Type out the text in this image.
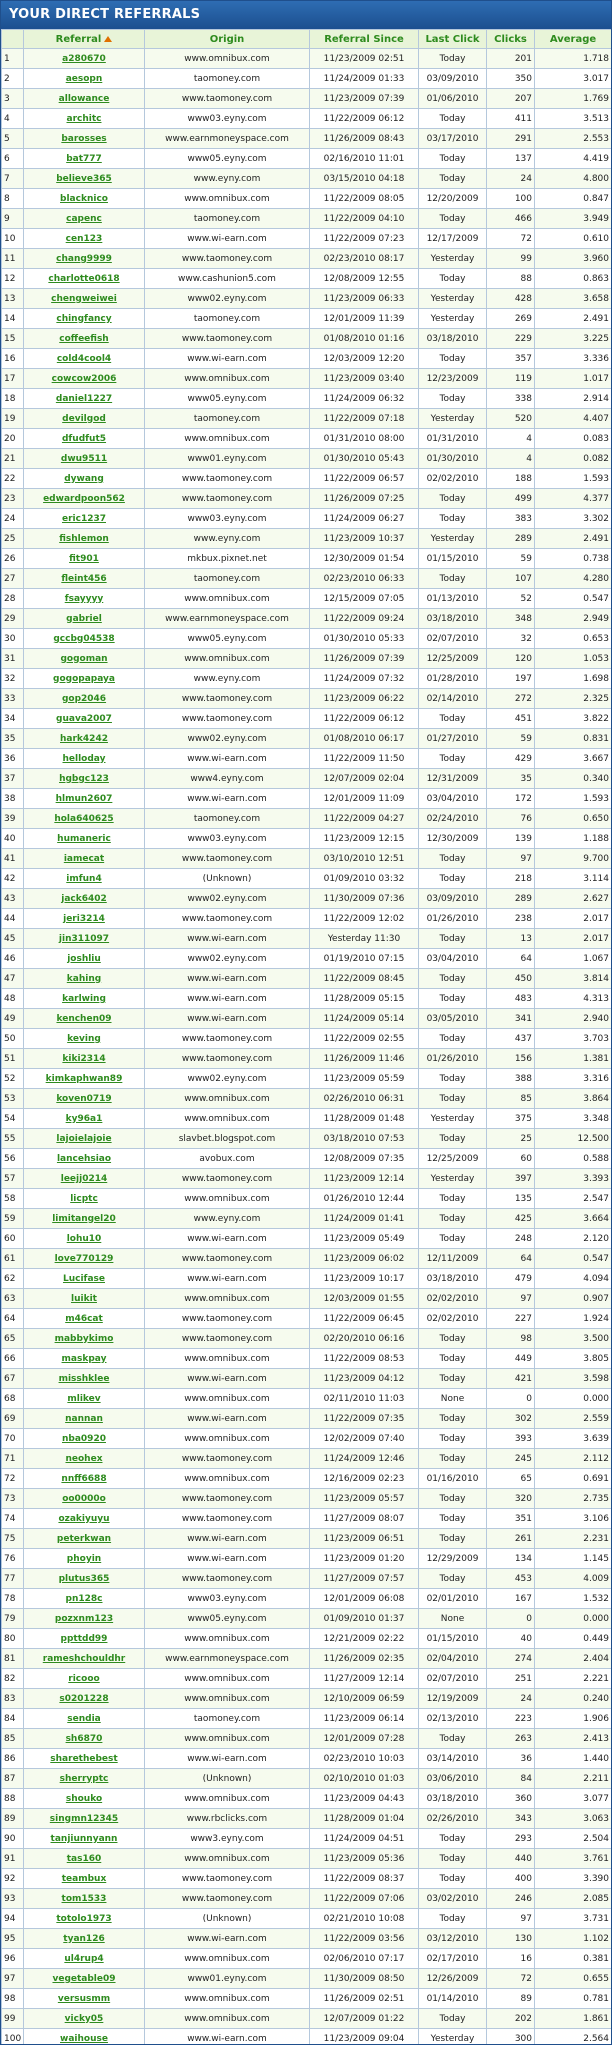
YOUR DIRECT REFERRALS
	Referral	Origin	Referral Since	Last Click	Clicks	Average
1	a280670	www.omnibux.com	11/23/2009 02:51	Today	201	1.718
2	aesopn	taomoney.com	11/24/2009 01:33	03/09/2010	350	3.017
3	allowance	www.taomoney.com	11/23/2009 07:39	01/06/2010	207	1.769
4	architc	www03.eyny.com	11/22/2009 06:12	Today	411	3.513
5	barosses	www.earnmoneyspace.com	11/26/2009 08:43	03/17/2010	291	2.553
6	bat777	www05.eyny.com	02/16/2010 11:01	Today	137	4.419
7	believe365	www.eyny.com	03/15/2010 04:18	Today	24	4.800
8	blacknico	www.omnibux.com	11/22/2009 08:05	12/20/2009	100	0.847
9	capenc	taomoney.com	11/22/2009 04:10	Today	466	3.949
10	cen123	www.wi-earn.com	11/22/2009 07:23	12/17/2009	72	0.610
11	chang9999	www.taomoney.com	02/23/2010 08:17	Yesterday	99	3.960
12	charlotte0618	www.cashunion5.com	12/08/2009 12:55	Today	88	0.863
13	chengweiwei	www02.eyny.com	11/23/2009 06:33	Yesterday	428	3.658
14	chingfancy	taomoney.com	12/01/2009 11:39	Yesterday	269	2.491
15	coffeefish	www.taomoney.com	01/08/2010 01:16	03/18/2010	229	3.225
16	cold4cool4	www.wi-earn.com	12/03/2009 12:20	Today	357	3.336
17	cowcow2006	www.omnibux.com	11/23/2009 03:40	12/23/2009	119	1.017
18	daniel1227	www05.eyny.com	11/24/2009 06:32	Today	338	2.914
19	devilgod	taomoney.com	11/22/2009 07:18	Yesterday	520	4.407
20	dfudfut5	www.omnibux.com	01/31/2010 08:00	01/31/2010	4	0.083
21	dwu9511	www01.eyny.com	01/30/2010 05:43	01/30/2010	4	0.082
22	dywang	www.taomoney.com	11/22/2009 06:57	02/02/2010	188	1.593
23	edwardpoon562	www.taomoney.com	11/26/2009 07:25	Today	499	4.377
24	eric1237	www03.eyny.com	11/24/2009 06:27	Today	383	3.302
25	fishlemon	www.eyny.com	11/23/2009 10:37	Yesterday	289	2.491
26	fit901	mkbux.pixnet.net	12/30/2009 01:54	01/15/2010	59	0.738
27	fleint456	taomoney.com	02/23/2010 06:33	Today	107	4.280
28	fsayyyy	www.omnibux.com	12/15/2009 07:05	01/13/2010	52	0.547
29	gabriel	www.earnmoneyspace.com	11/22/2009 09:24	03/18/2010	348	2.949
30	gccbg04538	www05.eyny.com	01/30/2010 05:33	02/07/2010	32	0.653
31	gogoman	www.omnibux.com	11/26/2009 07:39	12/25/2009	120	1.053
32	gogopapaya	www.eyny.com	11/24/2009 07:32	01/28/2010	197	1.698
33	gop2046	www.taomoney.com	11/23/2009 06:22	02/14/2010	272	2.325
34	guava2007	www.taomoney.com	11/22/2009 06:12	Today	451	3.822
35	hark4242	www02.eyny.com	01/08/2010 06:17	01/27/2010	59	0.831
36	helloday	www.wi-earn.com	11/22/2009 11:50	Today	429	3.667
37	hgbgc123	www4.eyny.com	12/07/2009 02:04	12/31/2009	35	0.340
38	hlmun2607	www.wi-earn.com	12/01/2009 11:09	03/04/2010	172	1.593
39	hola640625	taomoney.com	11/22/2009 04:27	02/24/2010	76	0.650
40	humaneric	www03.eyny.com	11/23/2009 12:15	12/30/2009	139	1.188
41	iamecat	www.taomoney.com	03/10/2010 12:51	Today	97	9.700
42	imfun4	(Unknown)	01/09/2010 03:32	Today	218	3.114
43	jack6402	www02.eyny.com	11/30/2009 07:36	03/09/2010	289	2.627
44	jeri3214	www.taomoney.com	11/22/2009 12:02	01/26/2010	238	2.017
45	jin311097	www.wi-earn.com	Yesterday 11:30	Today	13	2.017
46	joshliu	www02.eyny.com	01/19/2010 07:15	03/04/2010	64	1.067
47	kahing	www.wi-earn.com	11/22/2009 08:45	Today	450	3.814
48	karlwing	www.wi-earn.com	11/28/2009 05:15	Today	483	4.313
49	kenchen09	www.wi-earn.com	11/24/2009 05:14	03/05/2010	341	2.940
50	keving	www.taomoney.com	11/22/2009 02:55	Today	437	3.703
51	kiki2314	www.taomoney.com	11/26/2009 11:46	01/26/2010	156	1.381
52	kimkaphwan89	www02.eyny.com	11/23/2009 05:59	Today	388	3.316
53	koven0719	www.omnibux.com	02/26/2010 06:31	Today	85	3.864
54	ky96a1	www.omnibux.com	11/28/2009 01:48	Yesterday	375	3.348
55	lajoielajoie	slavbet.blogspot.com	03/18/2010 07:53	Today	25	12.500
56	lancehsiao	avobux.com	12/08/2009 07:35	12/25/2009	60	0.588
57	leejj0214	www.taomoney.com	11/23/2009 12:14	Yesterday	397	3.393
58	licptc	www.omnibux.com	01/26/2010 12:44	Today	135	2.547
59	limitangel20	www.eyny.com	11/24/2009 01:41	Today	425	3.664
60	lohu10	www.wi-earn.com	11/23/2009 05:49	Today	248	2.120
61	love770129	www.taomoney.com	11/23/2009 06:02	12/11/2009	64	0.547
62	Lucifase	www.wi-earn.com	11/23/2009 10:17	03/18/2010	479	4.094
63	luikit	www.omnibux.com	12/03/2009 01:55	02/02/2010	97	0.907
64	m46cat	www.taomoney.com	11/22/2009 06:45	02/02/2010	227	1.924
65	mabbykimo	www.taomoney.com	02/20/2010 06:16	Today	98	3.500
66	maskpay	www.omnibux.com	11/22/2009 08:53	Today	449	3.805
67	misshklee	www.wi-earn.com	11/23/2009 04:12	Today	421	3.598
68	mlikev	www.omnibux.com	02/11/2010 11:03	None	0	0.000
69	nannan	www.wi-earn.com	11/22/2009 07:35	Today	302	2.559
70	nba0920	www.omnibux.com	12/02/2009 07:40	Today	393	3.639
71	neohex	www.taomoney.com	11/24/2009 12:46	Today	245	2.112
72	nnff6688	www.omnibux.com	12/16/2009 02:23	01/16/2010	65	0.691
73	oo0000o	www.taomoney.com	11/23/2009 05:57	Today	320	2.735
74	ozakiyuyu	www.taomoney.com	11/27/2009 08:07	Today	351	3.106
75	peterkwan	www.wi-earn.com	11/23/2009 06:51	Today	261	2.231
76	phoyin	www.wi-earn.com	11/23/2009 01:20	12/29/2009	134	1.145
77	plutus365	www.taomoney.com	11/27/2009 07:57	Today	453	4.009
78	pn128c	www03.eyny.com	12/01/2009 06:08	02/01/2010	167	1.532
79	pozxnm123	www05.eyny.com	01/09/2010 01:37	None	0	0.000
80	ppttdd99	www.omnibux.com	12/21/2009 02:22	01/15/2010	40	0.449
81	rameshchouldhr	www.earnmoneyspace.com	11/26/2009 02:35	02/04/2010	274	2.404
82	ricooo	www.omnibux.com	11/27/2009 12:14	02/07/2010	251	2.221
83	s0201228	www.omnibux.com	12/10/2009 06:59	12/19/2009	24	0.240
84	sendia	taomoney.com	11/23/2009 06:14	02/13/2010	223	1.906
85	sh6870	www.omnibux.com	12/01/2009 07:28	Today	263	2.413
86	sharethebest	www.wi-earn.com	02/23/2010 10:03	03/14/2010	36	1.440
87	sherryptc	(Unknown)	02/10/2010 01:03	03/06/2010	84	2.211
88	shouko	www.omnibux.com	11/23/2009 04:43	03/18/2010	360	3.077
89	singmn12345	www.rbclicks.com	11/28/2009 01:04	02/26/2010	343	3.063
90	tanjiunnyann	www3.eyny.com	11/24/2009 04:51	Today	293	2.504
91	tas160	www.omnibux.com	11/23/2009 05:36	Today	440	3.761
92	teambux	www.taomoney.com	11/22/2009 08:37	Today	400	3.390
93	tom1533	www.taomoney.com	11/22/2009 07:06	03/02/2010	246	2.085
94	totolo1973	(Unknown)	02/21/2010 10:08	Today	97	3.731
95	tyan126	www.wi-earn.com	11/22/2009 03:56	03/12/2010	130	1.102
96	ul4rup4	www.omnibux.com	02/06/2010 07:17	02/17/2010	16	0.381
97	vegetable09	www01.eyny.com	11/30/2009 08:50	12/26/2009	72	0.655
98	versusmm	www.omnibux.com	11/26/2009 02:51	01/14/2010	89	0.781
99	vicky05	www.omnibux.com	12/07/2009 01:22	Today	202	1.861
100	waihouse	www.wi-earn.com	11/23/2009 09:04	Yesterday	300	2.564
